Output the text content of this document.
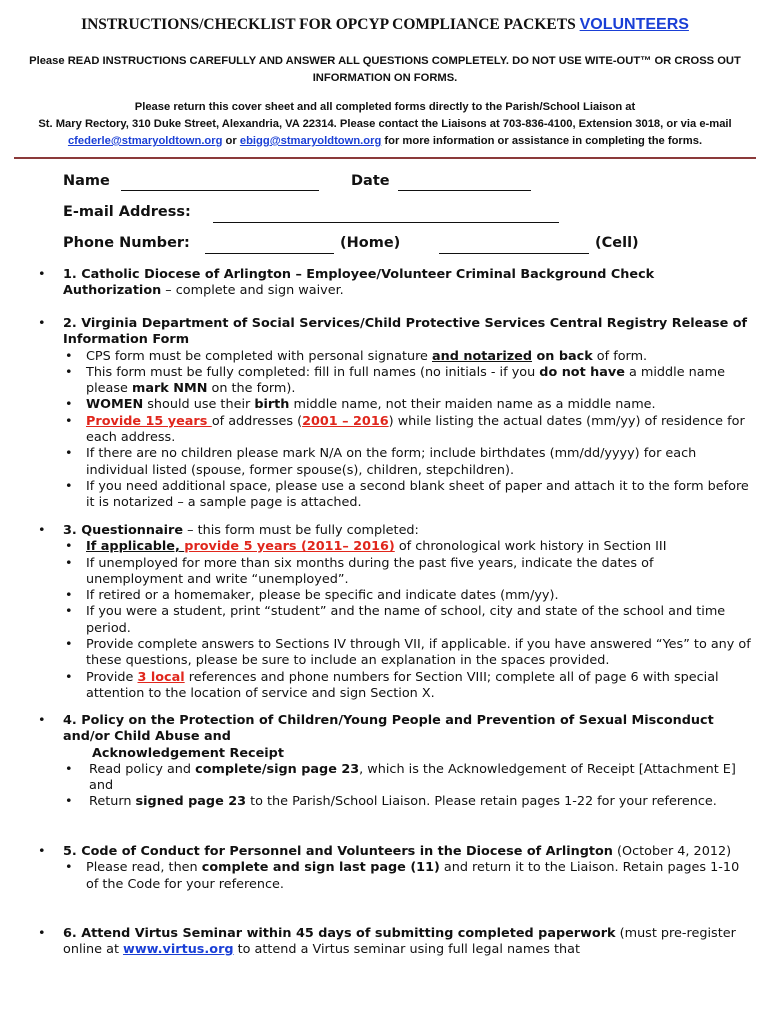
INSTRUCTIONS/CHECKLIST FOR OPCYP COMPLIANCE PACKETS VOLUNTEERS
Please READ INSTRUCTIONS CAREFULLY AND ANSWER ALL QUESTIONS COMPLETELY. DO NOT USE WITE-OUT™ OR CROSS OUT
INFORMATION ON FORMS.
Please return this cover sheet and all completed forms directly to the Parish/School Liaison at
St. Mary Rectory, 310 Duke Street, Alexandria, VA 22314. Please contact the Liaisons at 703-836-4100, Extension 3018, or via e-mail
cfederle@stmaryoldtown.org or ebigg@stmaryoldtown.org for more information or assistance in completing the forms.
Name	Date
E-mail Address:
Phone Number:	(Home)	(Cell)
• 1. Catholic Diocese of Arlington – Employee/Volunteer Criminal Background Check Authorization – complete and sign waiver.
• 2. Virginia Department of Social Services/Child Protective Services Central Registry Release of Information Form
• CPS form must be completed with personal signature and notarized on back of form.
• This form must be fully completed: fill in full names (no initials - if you do not have a middle name please mark NMN on the form).
• WOMEN should use their birth middle name, not their maiden name as a middle name.
• Provide 15 years of addresses (2001 – 2016) while listing the actual dates (mm/yy) of residence for each address.
• If there are no children please mark N/A on the form; include birthdates (mm/dd/yyyy) for each individual listed (spouse, former spouse(s), children, stepchildren).
• If you need additional space, please use a second blank sheet of paper and attach it to the form before it is notarized – a sample page is attached.
• 3. Questionnaire – this form must be fully completed:
• If applicable, provide 5 years (2011– 2016) of chronological work history in Section III
• If unemployed for more than six months during the past five years, indicate the dates of unemployment and write “unemployed”.
• If retired or a homemaker, please be specific and indicate dates (mm/yy).
• If you were a student, print “student” and the name of school, city and state of the school and time period.
• Provide complete answers to Sections IV through VII, if applicable. if you have answered “Yes” to any of these questions, please be sure to include an explanation in the spaces provided.
• Provide 3 local references and phone numbers for Section VIII; complete all of page 6 with special attention to the location of service and sign Section X.
• 4. Policy on the Protection of Children/Young People and Prevention of Sexual Misconduct and/or Child Abuse and
Acknowledgement Receipt
• Read policy and complete/sign page 23, which is the Acknowledgement of Receipt [Attachment E] and
• Return signed page 23 to the Parish/School Liaison. Please retain pages 1-22 for your reference.
• 5. Code of Conduct for Personnel and Volunteers in the Diocese of Arlington (October 4, 2012)
• Please read, then complete and sign last page (11) and return it to the Liaison. Retain pages 1-10 of the Code for your reference.
• 6. Attend Virtus Seminar within 45 days of submitting completed paperwork (must pre-register online at www.virtus.org to attend a Virtus seminar using full legal names that
